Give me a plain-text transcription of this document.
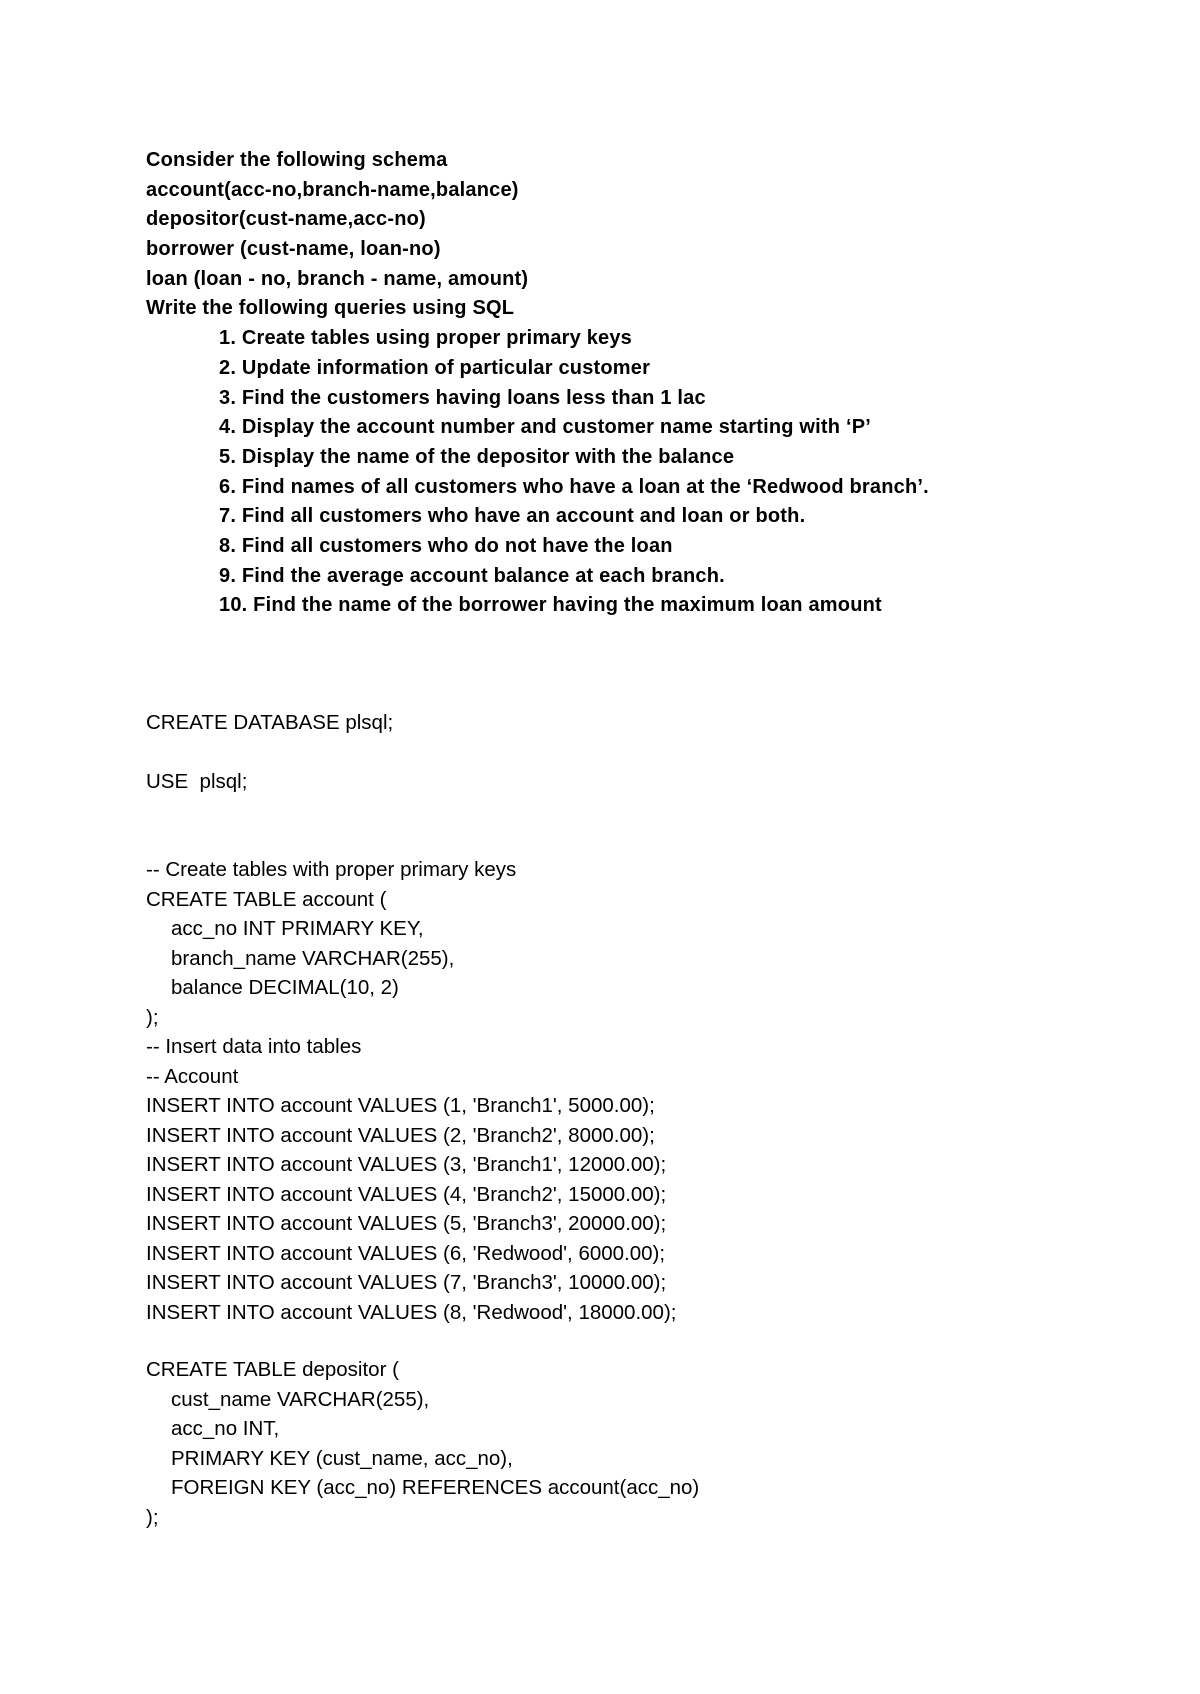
Consider the following schema
account(acc-no,branch-name,balance)
depositor(cust-name,acc-no)
borrower (cust-name, loan-no)
loan (loan - no, branch - name, amount)
Write the following queries using SQL
1. Create tables using proper primary keys
2. Update information of particular customer
3. Find the customers having loans less than 1 lac
4. Display the account number and customer name starting with ‘P’
5. Display the name of the depositor with the balance
6. Find names of all customers who have a loan at the ‘Redwood branch’.
7. Find all customers who have an account and loan or both.
8. Find all customers who do not have the loan
9. Find the average account balance at each branch.
10. Find the name of the borrower having the maximum loan amount
CREATE DATABASE plsql;
USE  plsql;
-- Create tables with proper primary keys
CREATE TABLE account (
acc_no INT PRIMARY KEY,
branch_name VARCHAR(255),
balance DECIMAL(10, 2)
);
-- Insert data into tables
-- Account
INSERT INTO account VALUES (1, 'Branch1', 5000.00);
INSERT INTO account VALUES (2, 'Branch2', 8000.00);
INSERT INTO account VALUES (3, 'Branch1', 12000.00);
INSERT INTO account VALUES (4, 'Branch2', 15000.00);
INSERT INTO account VALUES (5, 'Branch3', 20000.00);
INSERT INTO account VALUES (6, 'Redwood', 6000.00);
INSERT INTO account VALUES (7, 'Branch3', 10000.00);
INSERT INTO account VALUES (8, 'Redwood', 18000.00);
CREATE TABLE depositor (
cust_name VARCHAR(255),
acc_no INT,
PRIMARY KEY (cust_name, acc_no),
FOREIGN KEY (acc_no) REFERENCES account(acc_no)
);
